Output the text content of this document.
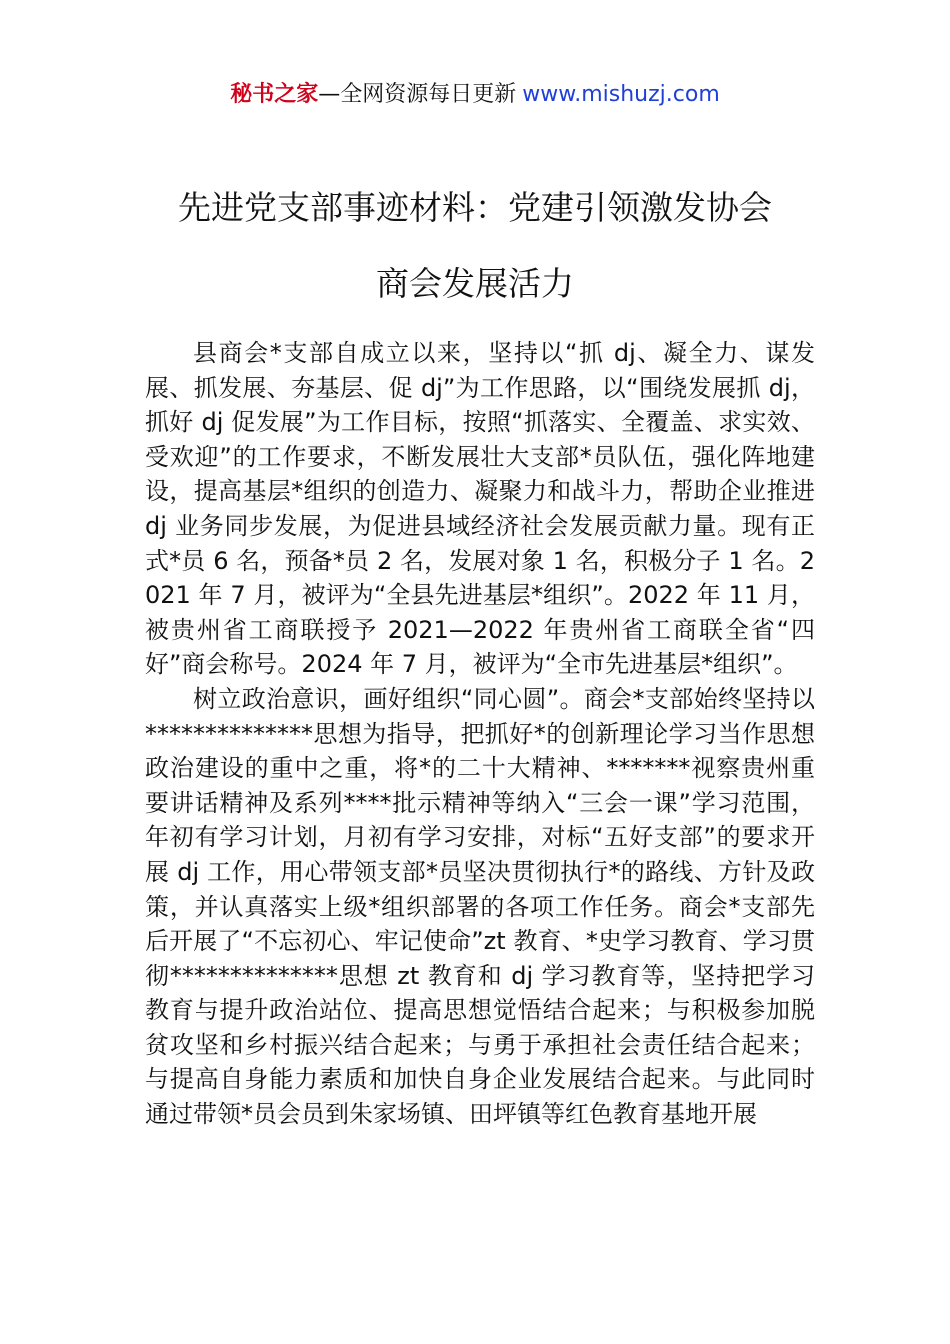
秘书之家—全网资源每日更新 www.mishuzj.com
先进党支部事迹材料：党建引领激发协会
商会发展活力

县商会*支部自成立以来，坚持以“抓 dj、凝全力、谋发展、抓发展、夯基层、促 dj”为工作思路，以“围绕发展抓 dj，抓好 dj 促发展”为工作目标，按照“抓落实、全覆盖、求实效、受欢迎”的工作要求，不断发展壮大支部*员队伍，强化阵地建设，提高基层*组织的创造力、凝聚力和战斗力，帮助企业推进 dj 业务同步发展，为促进县域经济社会发展贡献力量。现有正式*员 6 名，预备*员 2 名，发展对象 1 名，积极分子 1 名。2021 年 7 月，被评为“全县先进基层*组织”。2022 年 11 月，被贵州省工商联授予 2021—2022 年贵州省工商联全省“四好”商会称号。2024 年 7 月，被评为“全市先进基层*组织”。

树立政治意识，画好组织“同心圆”。商会*支部始终坚持以**************思想为指导，把抓好*的创新理论学习当作思想政治建设的重中之重，将*的二十大精神、*******视察贵州重要讲话精神及系列****批示精神等纳入“三会一课”学习范围，年初有学习计划，月初有学习安排，对标“五好支部”的要求开展 dj 工作，用心带领支部*员坚决贯彻执行*的路线、方针及政策，并认真落实上级*组织部署的各项工作任务。商会*支部先后开展了“不忘初心、牢记使命”zt 教育、*史学习教育、学习贯彻**************思想 zt 教育和 dj 学习教育等，坚持把学习教育与提升政治站位、提高思想觉悟结合起来；与积极参加脱贫攻坚和乡村振兴结合起来；与勇于承担社会责任结合起来；与提高自身能力素质和加快自身企业发展结合起来。与此同时通过带领*员会员到朱家场镇、田坪镇等红色教育基地开展
